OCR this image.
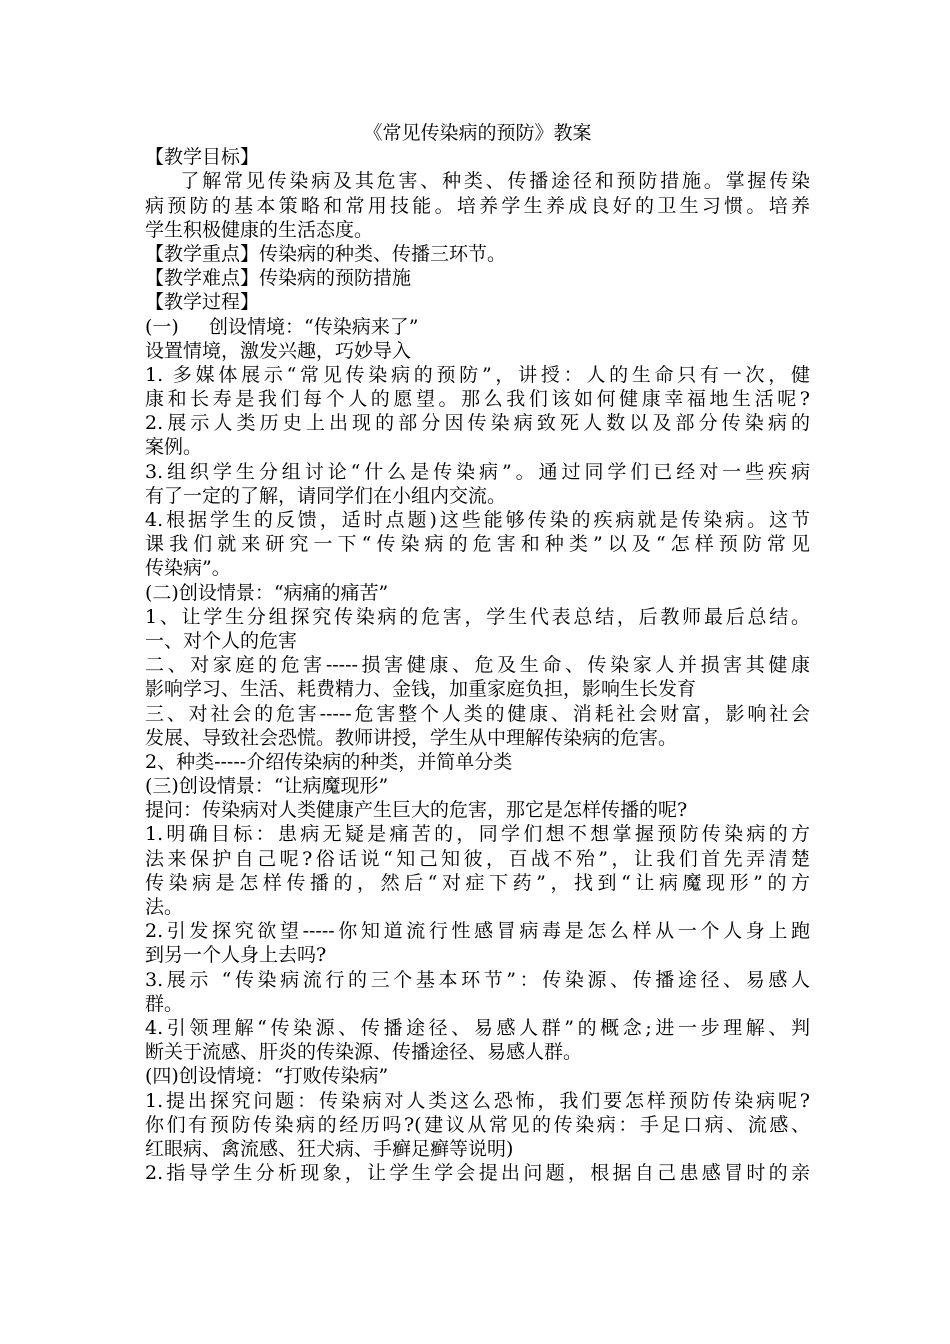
《常见传染病的预防》教案

【教学目标】

了解常见传染病及其危害、种类、传播途径和预防措施。掌握传染

病预防的基本策略和常用技能。培养学生养成良好的卫生习惯。培养

学生积极健康的生活态度。

【教学重点】传染病的种类、传播三环节。

【教学难点】传染病的预防措施

【教学过程】

(一)     创设情境：“传染病来了”

设置情境，激发兴趣，巧妙导入

1. 多媒体展示“常见传染病的预防”，讲授：人的生命只有一次，健

康和长寿是我们每个人的愿望。那么我们该如何健康幸福地生活呢?

2.展示人类历史上出现的部分因传染病致死人数以及部分传染病的

案例。

3.组织学生分组讨论“什么是传染病”。通过同学们已经对一些疾病

有了一定的了解，请同学们在小组内交流。

4.根据学生的反馈，适时点题)这些能够传染的疾病就是传染病。这节

课我们就来研究一下“传染病的危害和种类”以及“怎样预防常见

传染病”。

(二)创设情景：“病痛的痛苦”

1、让学生分组探究传染病的危害，学生代表总结，后教师最后总结。

一、对个人的危害

二、对家庭的危害-----损害健康、危及生命、传染家人并损害其健康

影响学习、生活、耗费精力、金钱，加重家庭负担，影响生长发育

三、对社会的危害-----危害整个人类的健康、消耗社会财富，影响社会

发展、导致社会恐慌。教师讲授，学生从中理解传染病的危害。

2、种类-----介绍传染病的种类，并简单分类

(三)创设情景：“让病魔现形”

提问：传染病对人类健康产生巨大的危害，那它是怎样传播的呢?

1.明确目标：患病无疑是痛苦的，同学们想不想掌握预防传染病的方

法来保护自己呢?俗话说“知己知彼，百战不殆”，让我们首先弄清楚

传染病是怎样传播的，然后“对症下药”，找到“让病魔现形”的方

法。

2.引发探究欲望-----你知道流行性感冒病毒是怎么样从一个人身上跑

到另一个人身上去吗?

3.展示 “传染病流行的三个基本环节”：传染源、传播途径、易感人

群。

4.引领理解“传染源、传播途径、易感人群”的概念;进一步理解、判

断关于流感、肝炎的传染源、传播途径、易感人群。

(四)创设情境：“打败传染病”

1.提出探究问题：传染病对人类这么恐怖，我们要怎样预防传染病呢?

你们有预防传染病的经历吗?(建议从常见的传染病：手足口病、流感、

红眼病、禽流感、狂犬病、手癣足癣等说明)

2.指导学生分析现象，让学生学会提出问题，根据自己患感冒时的亲
